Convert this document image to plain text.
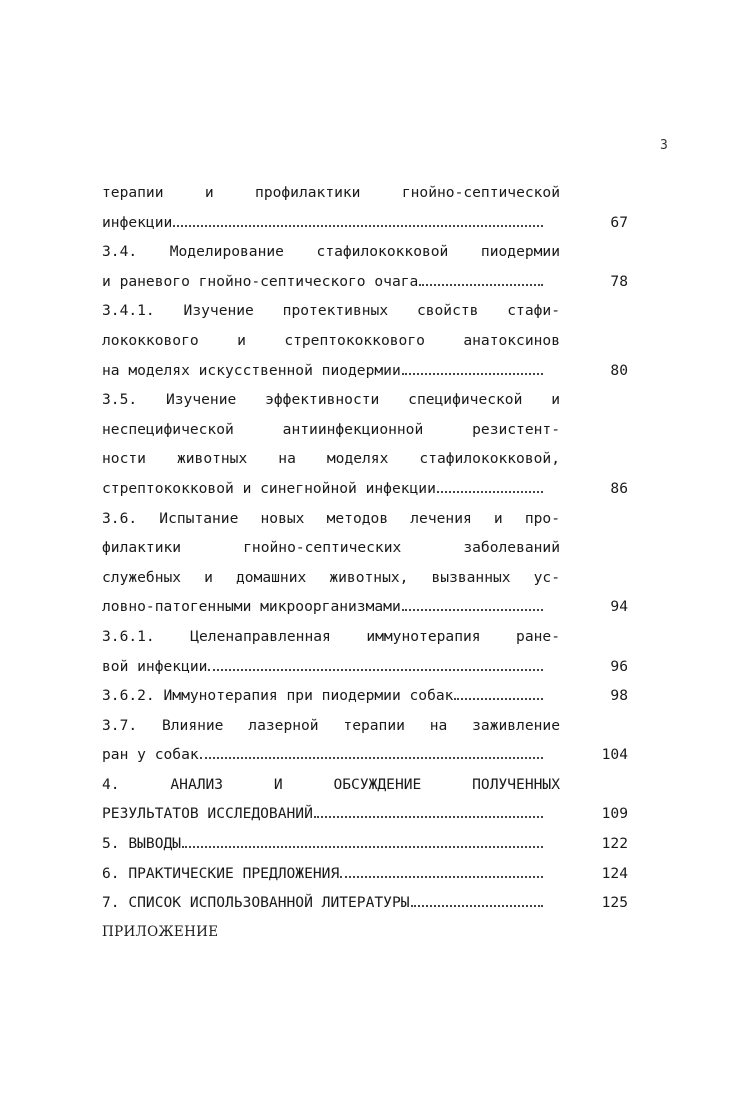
3
терапии и профилактики гнойно-септической
инфекции	67
3.4. Моделирование стафилококковой пиодермии
и раневого гнойно-септического очага	78
3.4.1. Изучение протективных свойств стафи-
лококкового и стрептококкового анатоксинов
на моделях искусственной пиодермии	80
3.5. Изучение эффективности специфической и
неспецифической антиинфекционной резистент-
ности животных на моделях стафилококковой,
стрептококковой и синегнойной инфекции	86
3.6. Испытание новых методов лечения и про-
филактики гнойно-септических заболеваний
служебных и домашних животных, вызванных ус-
ловно-патогенными микроорганизмами	94
3.6.1. Целенаправленная иммунотерапия ране-
вой инфекции	96
3.6.2. Иммунотерапия при пиодермии собак	98
3.7. Влияние лазерной терапии на заживление
ран у собак	104
4. АНАЛИЗ И ОБСУЖДЕНИЕ ПОЛУЧЕННЫХ
РЕЗУЛЬТАТОВ ИССЛЕДОВАНИЙ	109
5. ВЫВОДЫ	122
6. ПРАКТИЧЕСКИЕ ПРЕДЛОЖЕНИЯ	124
7. СПИСОК ИСПОЛЬЗОВАННОЙ ЛИТЕРАТУРЫ	125
ПРИЛОЖЕНИЕ
